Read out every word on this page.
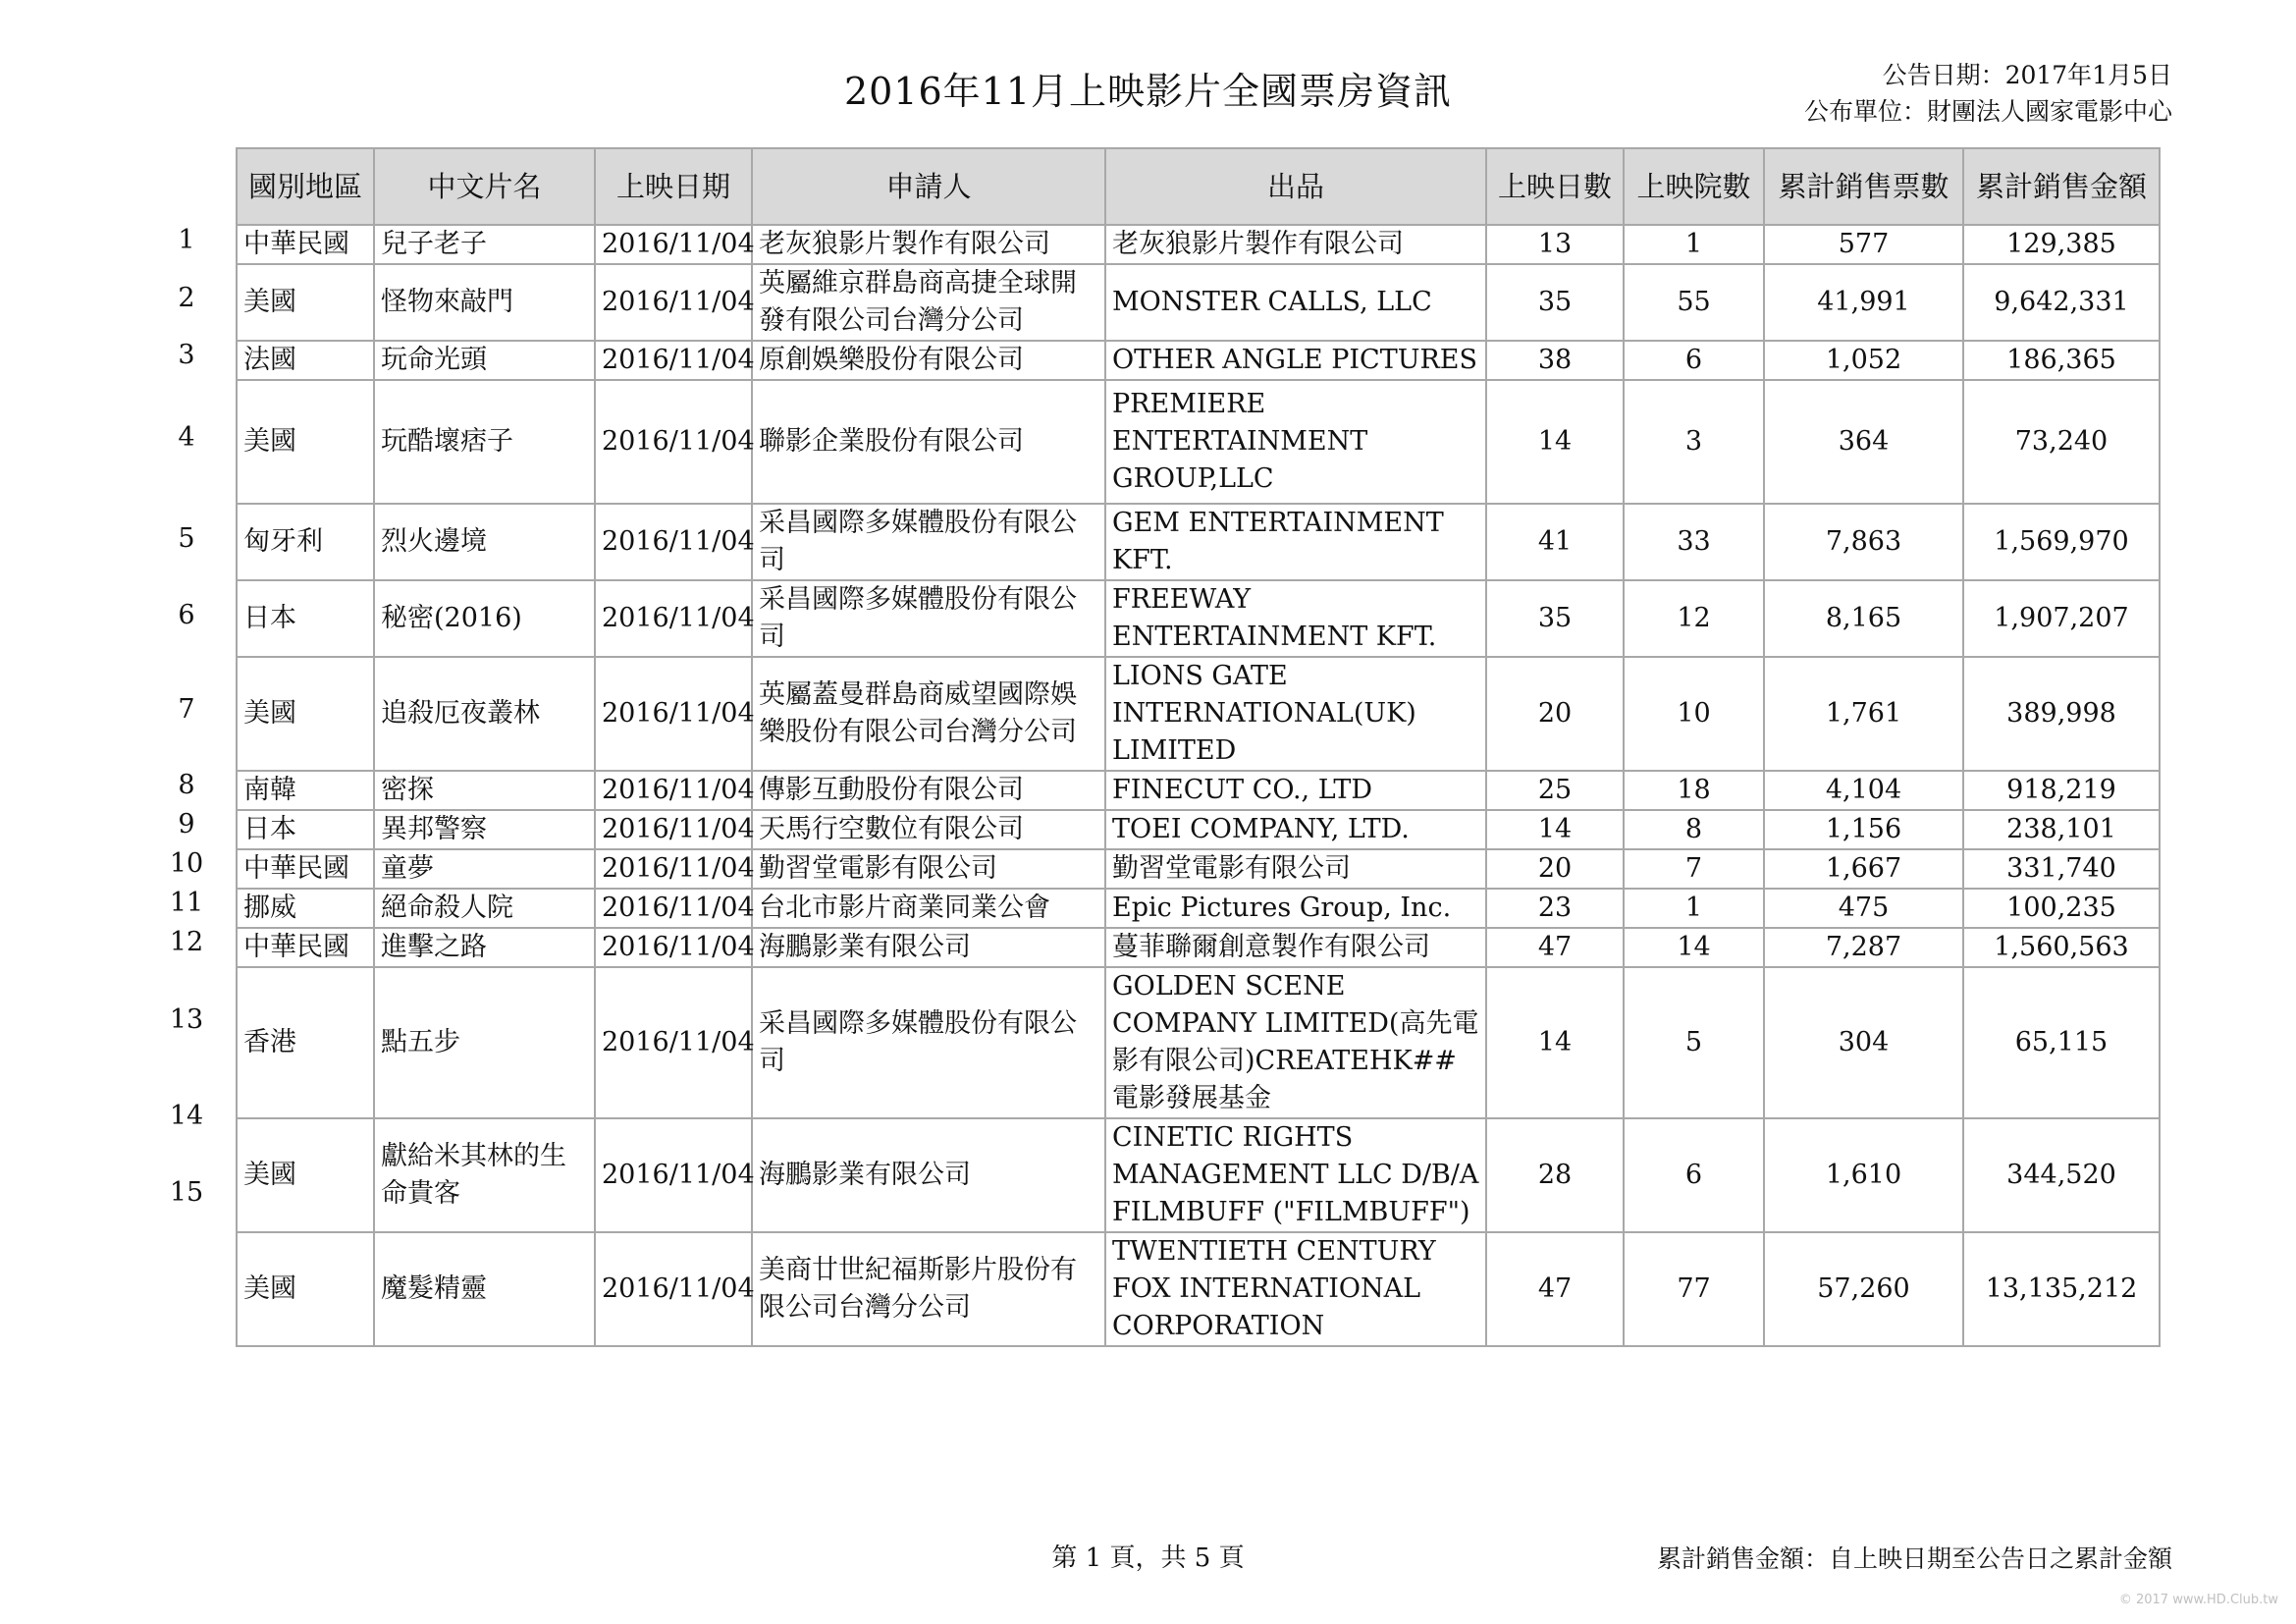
2016年11月上映影片全國票房資訊	公告日期：2017年1月5日
公布單位：財團法人國家電影中心
1
2
3
4
5
6
7
8
9
10
11
12
13
14
15
國別地區	中文片名	上映日期	申請人	出品	上映日數	上映院數	累計銷售票數	累計銷售金額
中華民國	兒子老子	2016/11/04	老灰狼影片製作有限公司	老灰狼影片製作有限公司	13	1	577	129,385
美國	怪物來敲門	2016/11/04	英屬維京群島商高捷全球開發有限公司台灣分公司	MONSTER CALLS, LLC	35	55	41,991	9,642,331
法國	玩命光頭	2016/11/04	原創娛樂股份有限公司	OTHER ANGLE PICTURES	38	6	1,052	186,365
美國	玩酷壞痞子	2016/11/04	聯影企業股份有限公司	PREMIERE ENTERTAINMENT GROUP,LLC	14	3	364	73,240
匈牙利	烈火邊境	2016/11/04	采昌國際多媒體股份有限公司	GEM ENTERTAINMENT KFT.	41	33	7,863	1,569,970
日本	秘密(2016)	2016/11/04	采昌國際多媒體股份有限公司	FREEWAY ENTERTAINMENT KFT.	35	12	8,165	1,907,207
美國	追殺厄夜叢林	2016/11/04	英屬蓋曼群島商威望國際娛樂股份有限公司台灣分公司	LIONS GATE INTERNATIONAL(UK) LIMITED	20	10	1,761	389,998
南韓	密探	2016/11/04	傳影互動股份有限公司	FINECUT CO., LTD	25	18	4,104	918,219
日本	異邦警察	2016/11/04	天馬行空數位有限公司	TOEI COMPANY, LTD.	14	8	1,156	238,101
中華民國	童夢	2016/11/04	勤習堂電影有限公司	勤習堂電影有限公司	20	7	1,667	331,740
挪威	絕命殺人院	2016/11/04	台北市影片商業同業公會	Epic Pictures Group, Inc.	23	1	475	100,235
中華民國	進擊之路	2016/11/04	海鵬影業有限公司	蔓菲聯爾創意製作有限公司	47	14	7,287	1,560,563
香港	點五步	2016/11/04	采昌國際多媒體股份有限公司	GOLDEN SCENE COMPANY LIMITED(高先電影有限公司)CREATEHK##電影發展基金	14	5	304	65,115
美國	獻給米其林的生命貴客	2016/11/04	海鵬影業有限公司	CINETIC RIGHTS MANAGEMENT LLC D/B/A FILMBUFF ("FILMBUFF")	28	6	1,610	344,520
美國	魔髮精靈	2016/11/04	美商廿世紀福斯影片股份有限公司台灣分公司	TWENTIETH CENTURY FOX INTERNATIONAL CORPORATION	47	77	57,260	13,135,212
第 1 頁，共 5 頁	累計銷售金額：自上映日期至公告日之累計金額
© 2017 www.HD.Club.tw
